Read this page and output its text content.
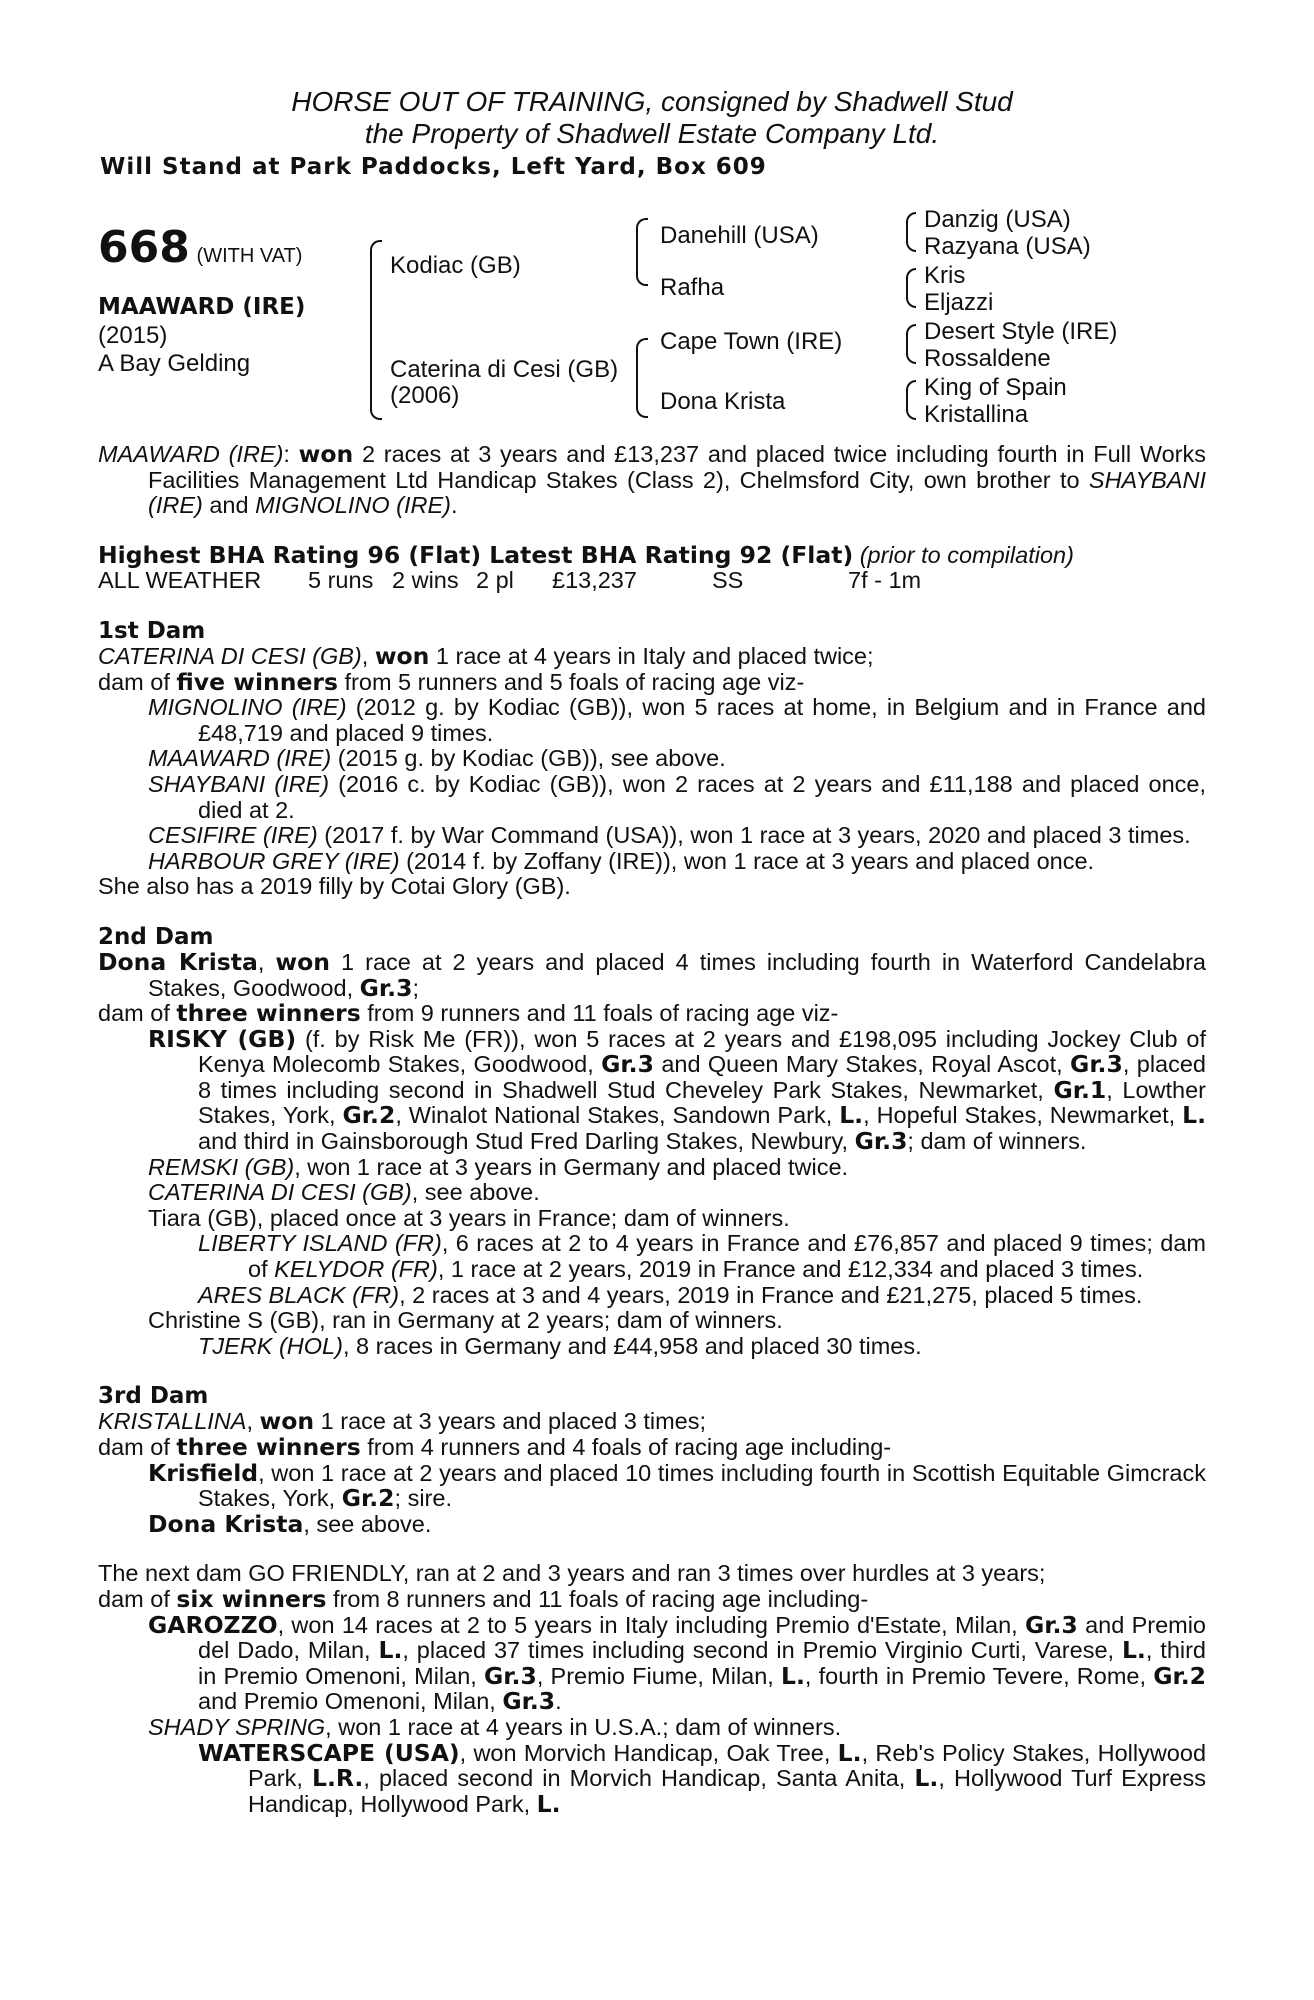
HORSE OUT OF TRAINING, consigned by Shadwell Stud
the Property of Shadwell Estate Company Ltd.
Will Stand at Park Paddocks, Left Yard, Box 609
668 (WITH VAT)
MAAWARD (IRE)
(2015)
A Bay Gelding
Kodiac (GB)
Caterina di Cesi (GB)
(2006)
Danehill (USA)
Rafha
Cape Town (IRE)
Dona Krista
Danzig (USA)
Razyana (USA)
Kris
Eljazzi
Desert Style (IRE)
Rossaldene
King of Spain
Kristallina
MAAWARD (IRE): won 2 races at 3 years and £13,237 and placed twice including fourth in Full Works Facilities Management Ltd Handicap Stakes (Class 2), Chelmsford City, own brother to SHAYBANI (IRE) and MIGNOLINO (IRE).
Highest BHA Rating 96 (Flat) Latest BHA Rating 92 (Flat) (prior to compilation)
ALL WEATHER	5 runs 2 wins 2 pl	£13,237	SS	7f - 1m
1st Dam
CATERINA DI CESI (GB), won 1 race at 4 years in Italy and placed twice;
dam of five winners from 5 runners and 5 foals of racing age viz-
MIGNOLINO (IRE) (2012 g. by Kodiac (GB)), won 5 races at home, in Belgium and in France and £48,719 and placed 9 times.
MAAWARD (IRE) (2015 g. by Kodiac (GB)), see above.
SHAYBANI (IRE) (2016 c. by Kodiac (GB)), won 2 races at 2 years and £11,188 and placed once, died at 2.
CESIFIRE (IRE) (2017 f. by War Command (USA)), won 1 race at 3 years, 2020 and placed 3 times.
HARBOUR GREY (IRE) (2014 f. by Zoffany (IRE)), won 1 race at 3 years and placed once.
She also has a 2019 filly by Cotai Glory (GB).
2nd Dam
Dona Krista, won 1 race at 2 years and placed 4 times including fourth in Waterford Candelabra Stakes, Goodwood, Gr.3;
dam of three winners from 9 runners and 11 foals of racing age viz-
RISKY (GB) (f. by Risk Me (FR)), won 5 races at 2 years and £198,095 including Jockey Club of Kenya Molecomb Stakes, Goodwood, Gr.3 and Queen Mary Stakes, Royal Ascot, Gr.3, placed 8 times including second in Shadwell Stud Cheveley Park Stakes, Newmarket, Gr.1, Lowther Stakes, York, Gr.2, Winalot National Stakes, Sandown Park, L., Hopeful Stakes, Newmarket, L. and third in Gainsborough Stud Fred Darling Stakes, Newbury, Gr.3; dam of winners.
REMSKI (GB), won 1 race at 3 years in Germany and placed twice.
CATERINA DI CESI (GB), see above.
Tiara (GB), placed once at 3 years in France; dam of winners.
LIBERTY ISLAND (FR), 6 races at 2 to 4 years in France and £76,857 and placed 9 times; dam of KELYDOR (FR), 1 race at 2 years, 2019 in France and £12,334 and placed 3 times.
ARES BLACK (FR), 2 races at 3 and 4 years, 2019 in France and £21,275, placed 5 times.
Christine S (GB), ran in Germany at 2 years; dam of winners.
TJERK (HOL), 8 races in Germany and £44,958 and placed 30 times.
3rd Dam
KRISTALLINA, won 1 race at 3 years and placed 3 times;
dam of three winners from 4 runners and 4 foals of racing age including-
Krisfield, won 1 race at 2 years and placed 10 times including fourth in Scottish Equitable Gimcrack Stakes, York, Gr.2; sire.
Dona Krista, see above.
The next dam GO FRIENDLY, ran at 2 and 3 years and ran 3 times over hurdles at 3 years;
dam of six winners from 8 runners and 11 foals of racing age including-
GAROZZO, won 14 races at 2 to 5 years in Italy including Premio d'Estate, Milan, Gr.3 and Premio del Dado, Milan, L., placed 37 times including second in Premio Virginio Curti, Varese, L., third in Premio Omenoni, Milan, Gr.3, Premio Fiume, Milan, L., fourth in Premio Tevere, Rome, Gr.2 and Premio Omenoni, Milan, Gr.3.
SHADY SPRING, won 1 race at 4 years in U.S.A.; dam of winners.
WATERSCAPE (USA), won Morvich Handicap, Oak Tree, L., Reb's Policy Stakes, Hollywood Park, L.R., placed second in Morvich Handicap, Santa Anita, L., Hollywood Turf Express Handicap, Hollywood Park, L.
